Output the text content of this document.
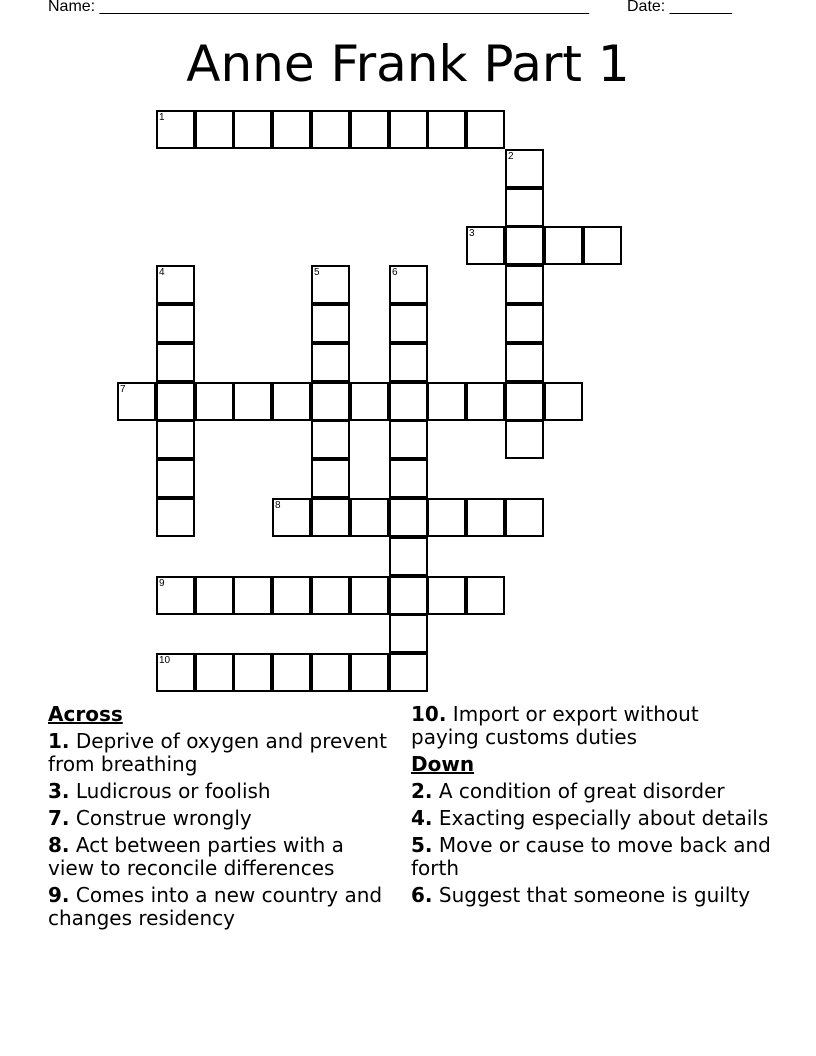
Name: _______________________________________________________ Date: _______
Anne Frank Part 1
1
2
3
4	5	6
7
8
9
10
Across
1. Deprive of oxygen and prevent from breathing
3. Ludicrous or foolish
7. Construe wrongly
8. Act between parties with a view to reconcile differences
9. Comes into a new country and changes residency
10. Import or export without paying customs duties
Down
2. A condition of great disorder
4. Exacting especially about details
5. Move or cause to move back and forth
6. Suggest that someone is guilty
